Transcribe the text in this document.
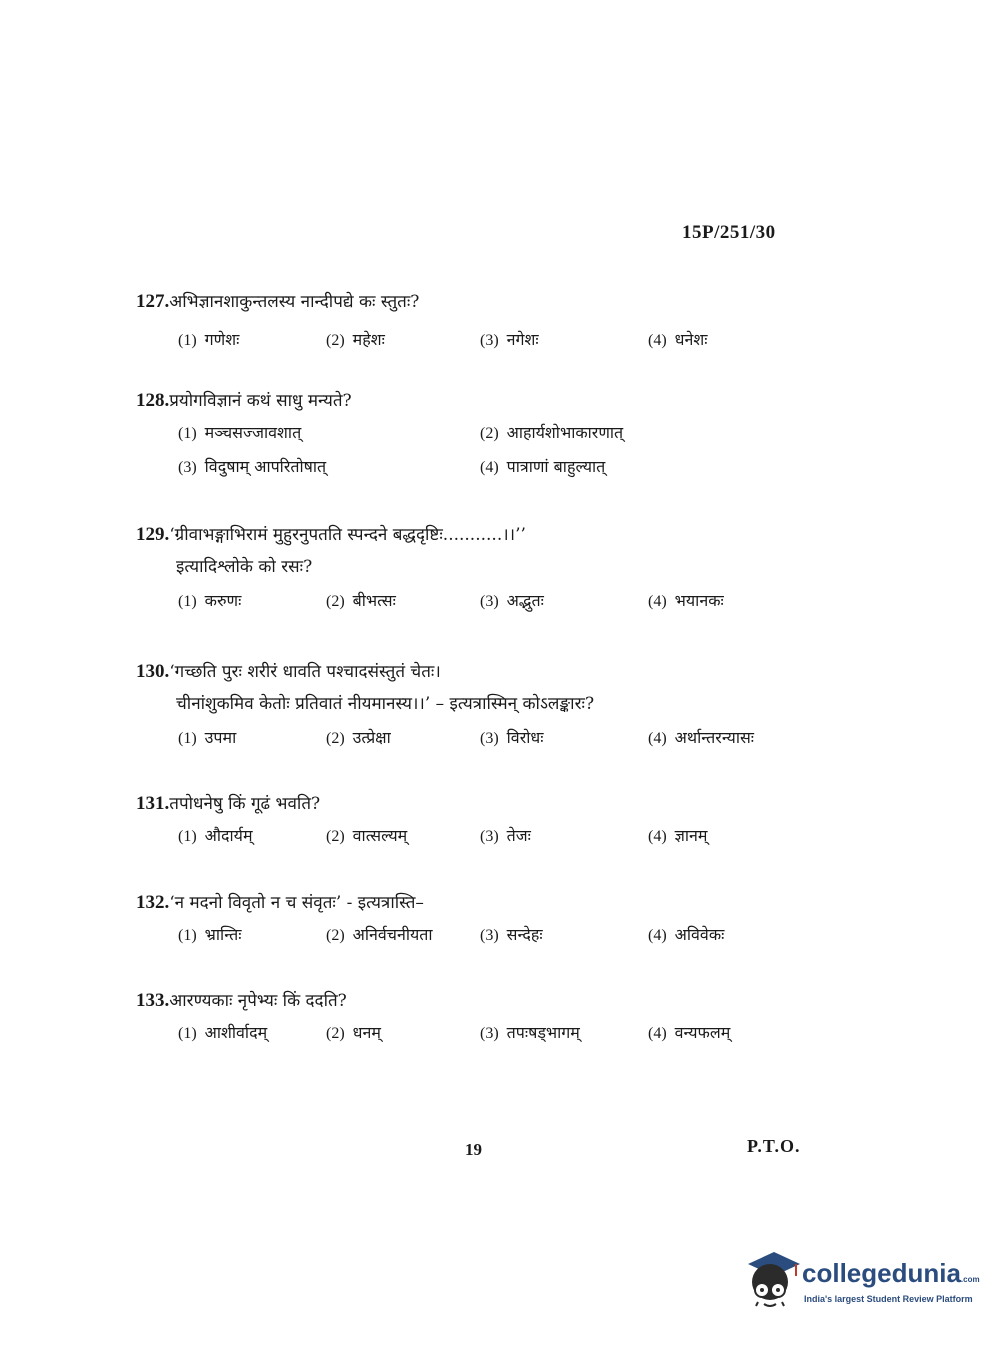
15P/251/30
127.अभिज्ञानशाकुन्तलस्य नान्दीपद्ये कः स्तुतः?
(1) गणेशः	(2) महेशः	(3) नगेशः	(4) धनेशः
128.प्रयोगविज्ञानं कथं साधु मन्यते?
(1) मञ्चसज्जावशात्	(2) आहार्यशोभाकारणात्
(3) विदुषाम् आपरितोषात्	(4) पात्राणां बाहुल्यात्
129.‘ग्रीवाभङ्गाभिरामं मुहुरनुपतति स्पन्दने बद्धदृष्टिः...........।।’’
इत्यादिश्लोके को रसः?
(1) करुणः	(2) बीभत्सः	(3) अद्भुतः	(4) भयानकः
130.‘गच्छति पुरः शरीरं धावति पश्चादसंस्तुतं चेतः।
चीनांशुकमिव केतोः प्रतिवातं नीयमानस्य।।’ – इत्यत्रास्मिन् कोऽलङ्कारः?
(1) उपमा	(2) उत्प्रेक्षा	(3) विरोधः	(4) अर्थान्तरन्यासः
131.तपोधनेषु किं गूढं भवति?
(1) औदार्यम्	(2) वात्सल्यम्	(3) तेजः	(4) ज्ञानम्
132.‘न मदनो विवृतो न च संवृतः’ - इत्यत्रास्ति–
(1) भ्रान्तिः	(2) अनिर्वचनीयता	(3) सन्देहः	(4) अविवेकः
133.आरण्यकाः नृपेभ्यः किं ददति?
(1) आशीर्वादम्	(2) धनम्	(3) तपःषड्भागम्	(4) वन्यफलम्
19	P.T.O.
collegedunia.com
India's largest Student Review Platform
